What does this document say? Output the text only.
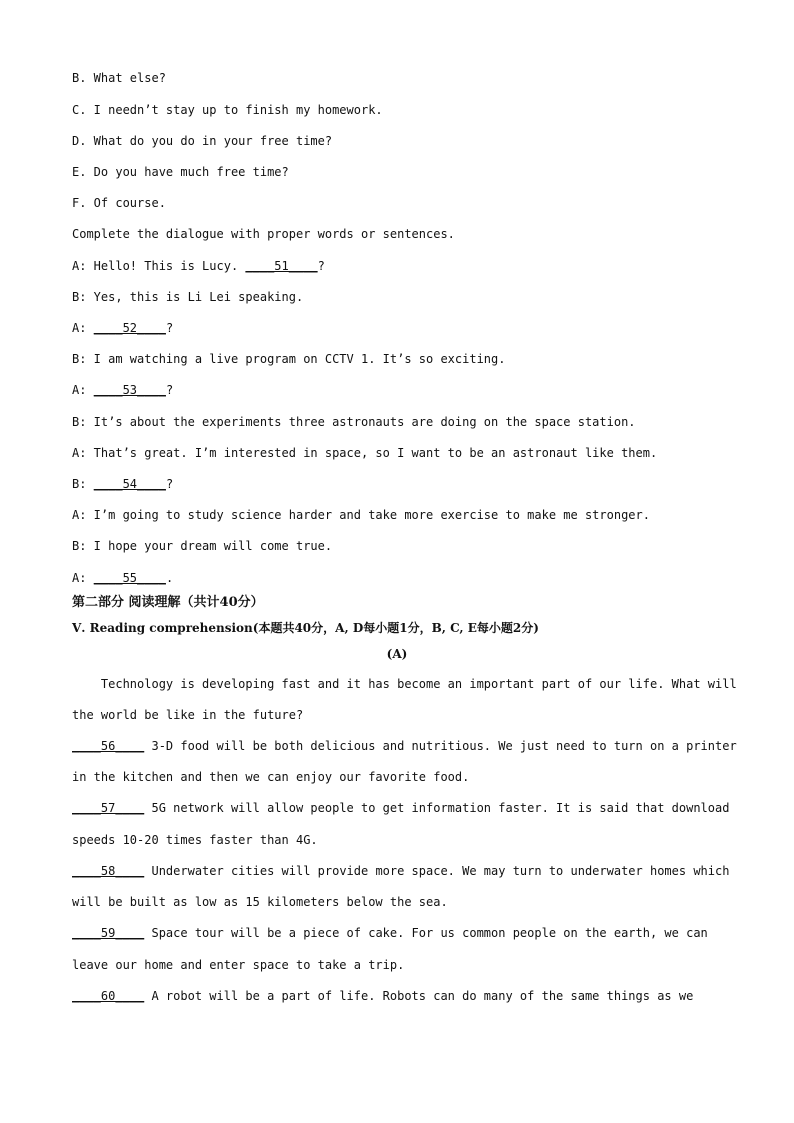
B. What else?
C. I needn’t stay up to finish my homework.
D. What do you do in your free time?
E. Do you have much free time?
F. Of course.
Complete the dialogue with proper words or sentences.
A: Hello! This is Lucy. ____51____?
B: Yes, this is Li Lei speaking.
A: ____52____?
B: I am watching a live program on CCTV 1. It’s so exciting.
A: ____53____?
B: It’s about the experiments three astronauts are doing on the space station.
A: That’s great. I’m interested in space, so I want to be an astronaut like them.
B: ____54____?
A: I’m going to study science harder and take more exercise to make me stronger.
B: I hope your dream will come true.
A: ____55____.
第二部分 阅读理解（共计40分）
Ⅴ. Reading comprehension(本题共40分，A, D每小题1分，B, C, E每小题2分)
(A)
Technology is developing fast and it has become an important part of our life. What will
the world be like in the future?
____56____ 3-D food will be both delicious and nutritious. We just need to turn on a printer
in the kitchen and then we can enjoy our favorite food.
____57____ 5G network will allow people to get information faster. It is said that download
speeds 10-20 times faster than 4G.
____58____ Underwater cities will provide more space. We may turn to underwater homes which
will be built as low as 15 kilometers below the sea.
____59____ Space tour will be a piece of cake. For us common people on the earth, we can
leave our home and enter space to take a trip.
____60____ A robot will be a part of life. Robots can do many of the same things as we
